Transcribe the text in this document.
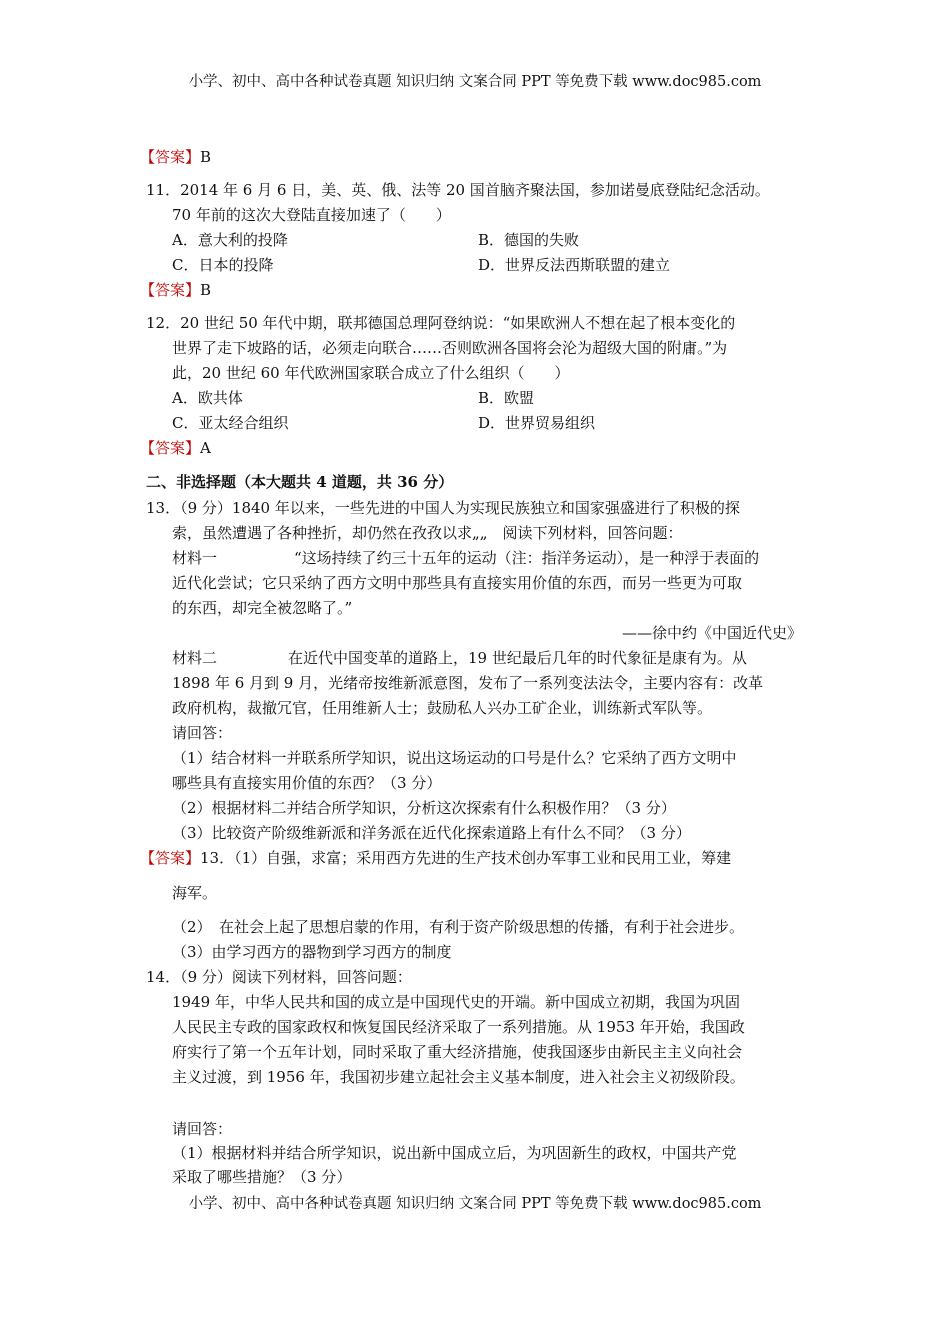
小学、初中、高中各种试卷真题 知识归纳 文案合同 PPT 等免费下载 www.doc985.com
【答案】B
11．2014 年 6 月 6 日，美、英、俄、法等 20 国首脑齐聚法国，参加诺曼底登陆纪念活动。
70 年前的这次大登陆直接加速了（　　）
A．意大利的投降	B．德国的失败
C．日本的投降	D．世界反法西斯联盟的建立
【答案】B
12．20 世纪 50 年代中期，联邦德国总理阿登纳说：“如果欧洲人不想在起了根本变化的
世界了走下坡路的话，必须走向联合……否则欧洲各国将会沦为超级大国的附庸。”为
此，20 世纪 60 年代欧洲国家联合成立了什么组织（　　）
A．欧共体	B．欧盟
C．亚太经合组织	D．世界贸易组织
【答案】A
二、非选择题（本大题共 4 道题，共 36 分）
13．（9 分）1840 年以来，一些先进的中国人为实现民族独立和国家强盛进行了积极的探
索，虽然遭遇了各种挫折，却仍然在孜孜以求„„　阅读下列材料，回答问题：
材料一	“这场持续了约三十五年的运动（注：指洋务运动），是一种浮于表面的
近代化尝试；它只采纳了西方文明中那些具有直接实用价值的东西，而另一些更为可取
的东西，却完全被忽略了。”
——徐中约《中国近代史》
材料二	在近代中国变革的道路上，19 世纪最后几年的时代象征是康有为。从
1898 年 6 月到 9 月，光绪帝按维新派意图，发布了一系列变法法令，主要内容有：改革
政府机构，裁撤冗官，任用维新人士；鼓励私人兴办工矿企业，训练新式军队等。
请回答：
（1）结合材料一并联系所学知识，说出这场运动的口号是什么？它采纳了西方文明中
哪些具有直接实用价值的东西？（3 分）
（2）根据材料二并结合所学知识，分析这次探索有什么积极作用？（3 分）
（3）比较资产阶级维新派和洋务派在近代化探索道路上有什么不同？（3 分）
【答案】13．（1）自强，求富；采用西方先进的生产技术创办军事工业和民用工业，筹建
海军。
（2）　在社会上起了思想启蒙的作用，有利于资产阶级思想的传播，有利于社会进步。
（3）由学习西方的器物到学习西方的制度
14．（9 分）阅读下列材料，回答问题：
1949 年，中华人民共和国的成立是中国现代史的开端。新中国成立初期，我国为巩固
人民民主专政的国家政权和恢复国民经济采取了一系列措施。从 1953 年开始，我国政
府实行了第一个五年计划，同时采取了重大经济措施，使我国逐步由新民主主义向社会
主义过渡，到 1956 年，我国初步建立起社会主义基本制度，进入社会主义初级阶段。
请回答：
（1）根据材料并结合所学知识，说出新中国成立后，为巩固新生的政权，中国共产党
采取了哪些措施？（3 分）
小学、初中、高中各种试卷真题 知识归纳 文案合同 PPT 等免费下载 www.doc985.com
